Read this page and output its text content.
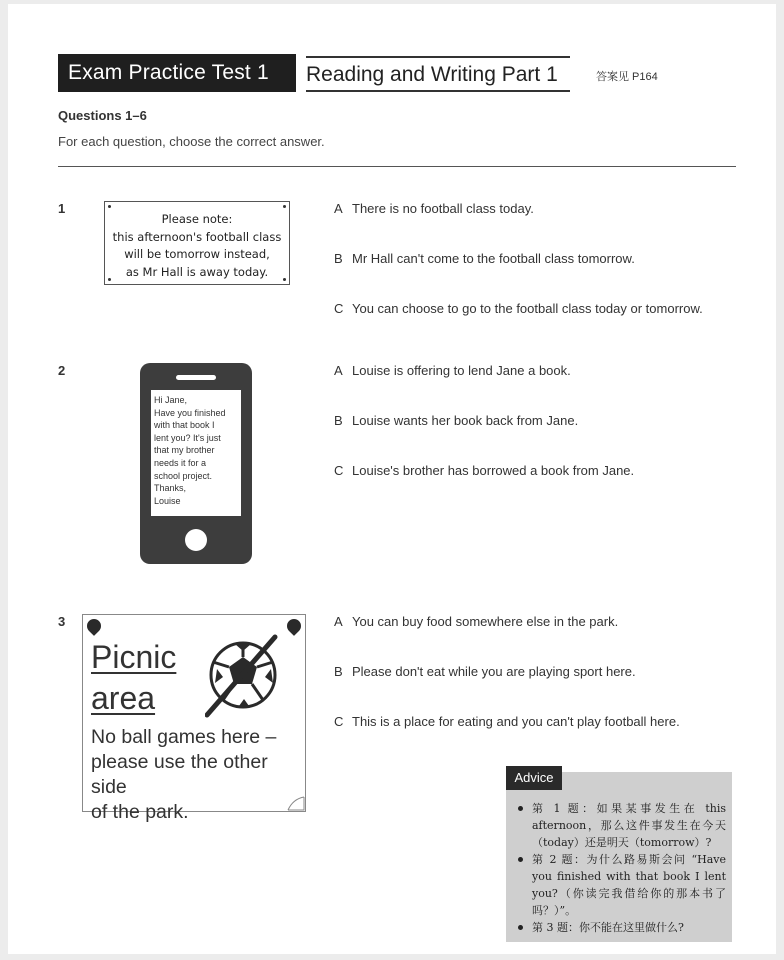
Exam Practice Test 1	Reading and Writing Part 1	答案见 P164
Questions 1–6
For each question, choose the correct answer.
1
Please note:
this afternoon's football class
will be tomorrow instead,
as Mr Hall is away today.
A There is no football class today.
B Mr Hall can't come to the football class tomorrow.
C You can choose to go to the football class today or tomorrow.
2
Hi Jane,
Have you finished
with that book I
lent you? It's just
that my brother
needs it for a
school project.
Thanks,
Louise
A Louise is offering to lend Jane a book.
B Louise wants her book back from Jane.
C Louise's brother has borrowed a book from Jane.
3
Picnic
area
No ball games here –
please use the other side
of the park.
A You can buy food somewhere else in the park.
B Please don't eat while you are playing sport here.
C This is a place for eating and you can't play football here.
第 1 题：如果某事发生在 this afternoon，那么这件事发生在今天（today）还是明天（tomorrow）?
第 2 题：为什么路易斯会问 “Have you finished with that book I lent you?（你读完我借给你的那本书了吗？）”。
第 3 题：你不能在这里做什么?
Advice
